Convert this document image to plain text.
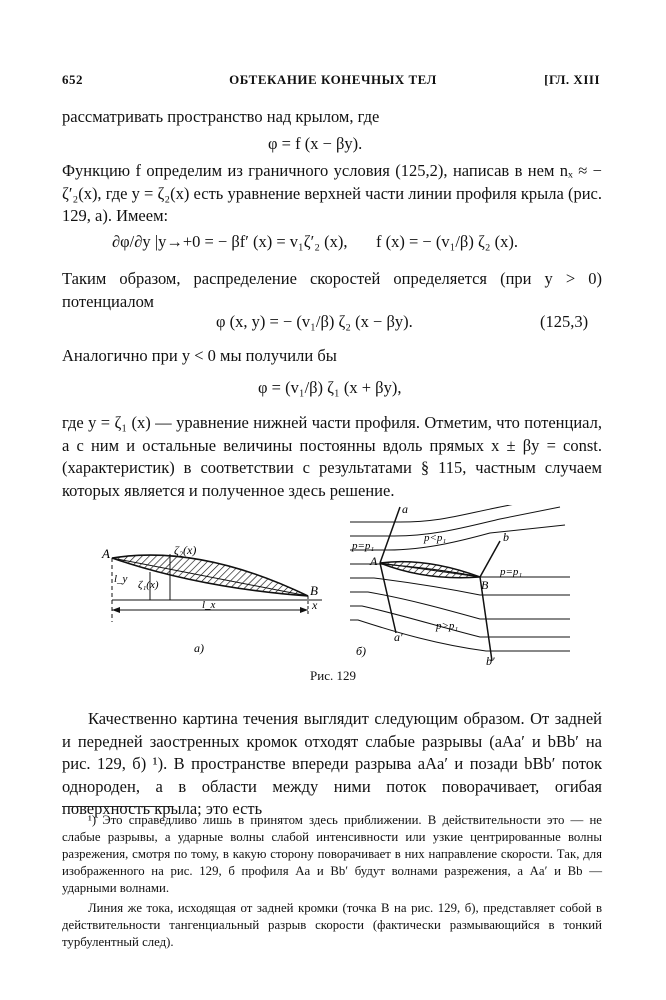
652	ОБТЕКАНИЕ КОНЕЧНЫХ ТЕЛ	[ГЛ. XIII
рассматривать пространство над крылом, где
φ = f (x − βy).
Функцию f определим из граничного условия (125,2), написав в нем nₓ ≈ − ζ′₂(x), где y = ζ₂(x) есть уравнение верхней части линии профиля крыла (рис. 129, а). Имеем:
∂φ/∂y |y→+0 = − βf′ (x) = v₁ζ′₂ (x), f (x) = − (v₁/β) ζ₂ (x).
Таким образом, распределение скоростей определяется (при y > 0) потенциалом
φ (x, y) = − (v₁/β) ζ₂ (x − βy).	(125,3)
Аналогично при y < 0 мы получили бы
φ = (v₁/β) ζ₁ (x + βy),
где y = ζ₁ (x) — уравнение нижней части профиля. Отметим, что потенциал, а с ним и остальные величины постоянны вдоль прямых x ± βy = const. (характеристик) в соответствии с результатами § 115, частным случаем которых является и полученное здесь решение.
A
B
x
ζ₂(x)
ζ₁(x)
l_y
l_x
а)
a
b
A
B
a′
b′
p=p₁
p=p₁
p<p₁
p>p₁
б)
Рис. 129
Качественно картина течения выглядит следующим образом. От задней и передней заостренных кромок отходят слабые разрывы (aAa′ и bBb′ на рис. 129, б) ¹). В пространстве впереди разрыва aAa′ и позади bBb′ поток однороден, а в области между ними поток поворачивает, огибая поверхность крыла; это есть
¹) Это справедливо лишь в принятом здесь приближении. В действительности это — не слабые разрывы, а ударные волны слабой интенсивности или узкие центрированные волны разрежения, смотря по тому, в какую сторону поворачивает в них направление скорости. Так, для изображенного на рис. 129, б профиля Aa и Bb′ будут волнами разрежения, а Aa′ и Bb — ударными волнами.
Линия же тока, исходящая от задней кромки (точка B на рис. 129, б), представляет собой в действительности тангенциальный разрыв скорости (фактически размывающийся в тонкий турбулентный след).
